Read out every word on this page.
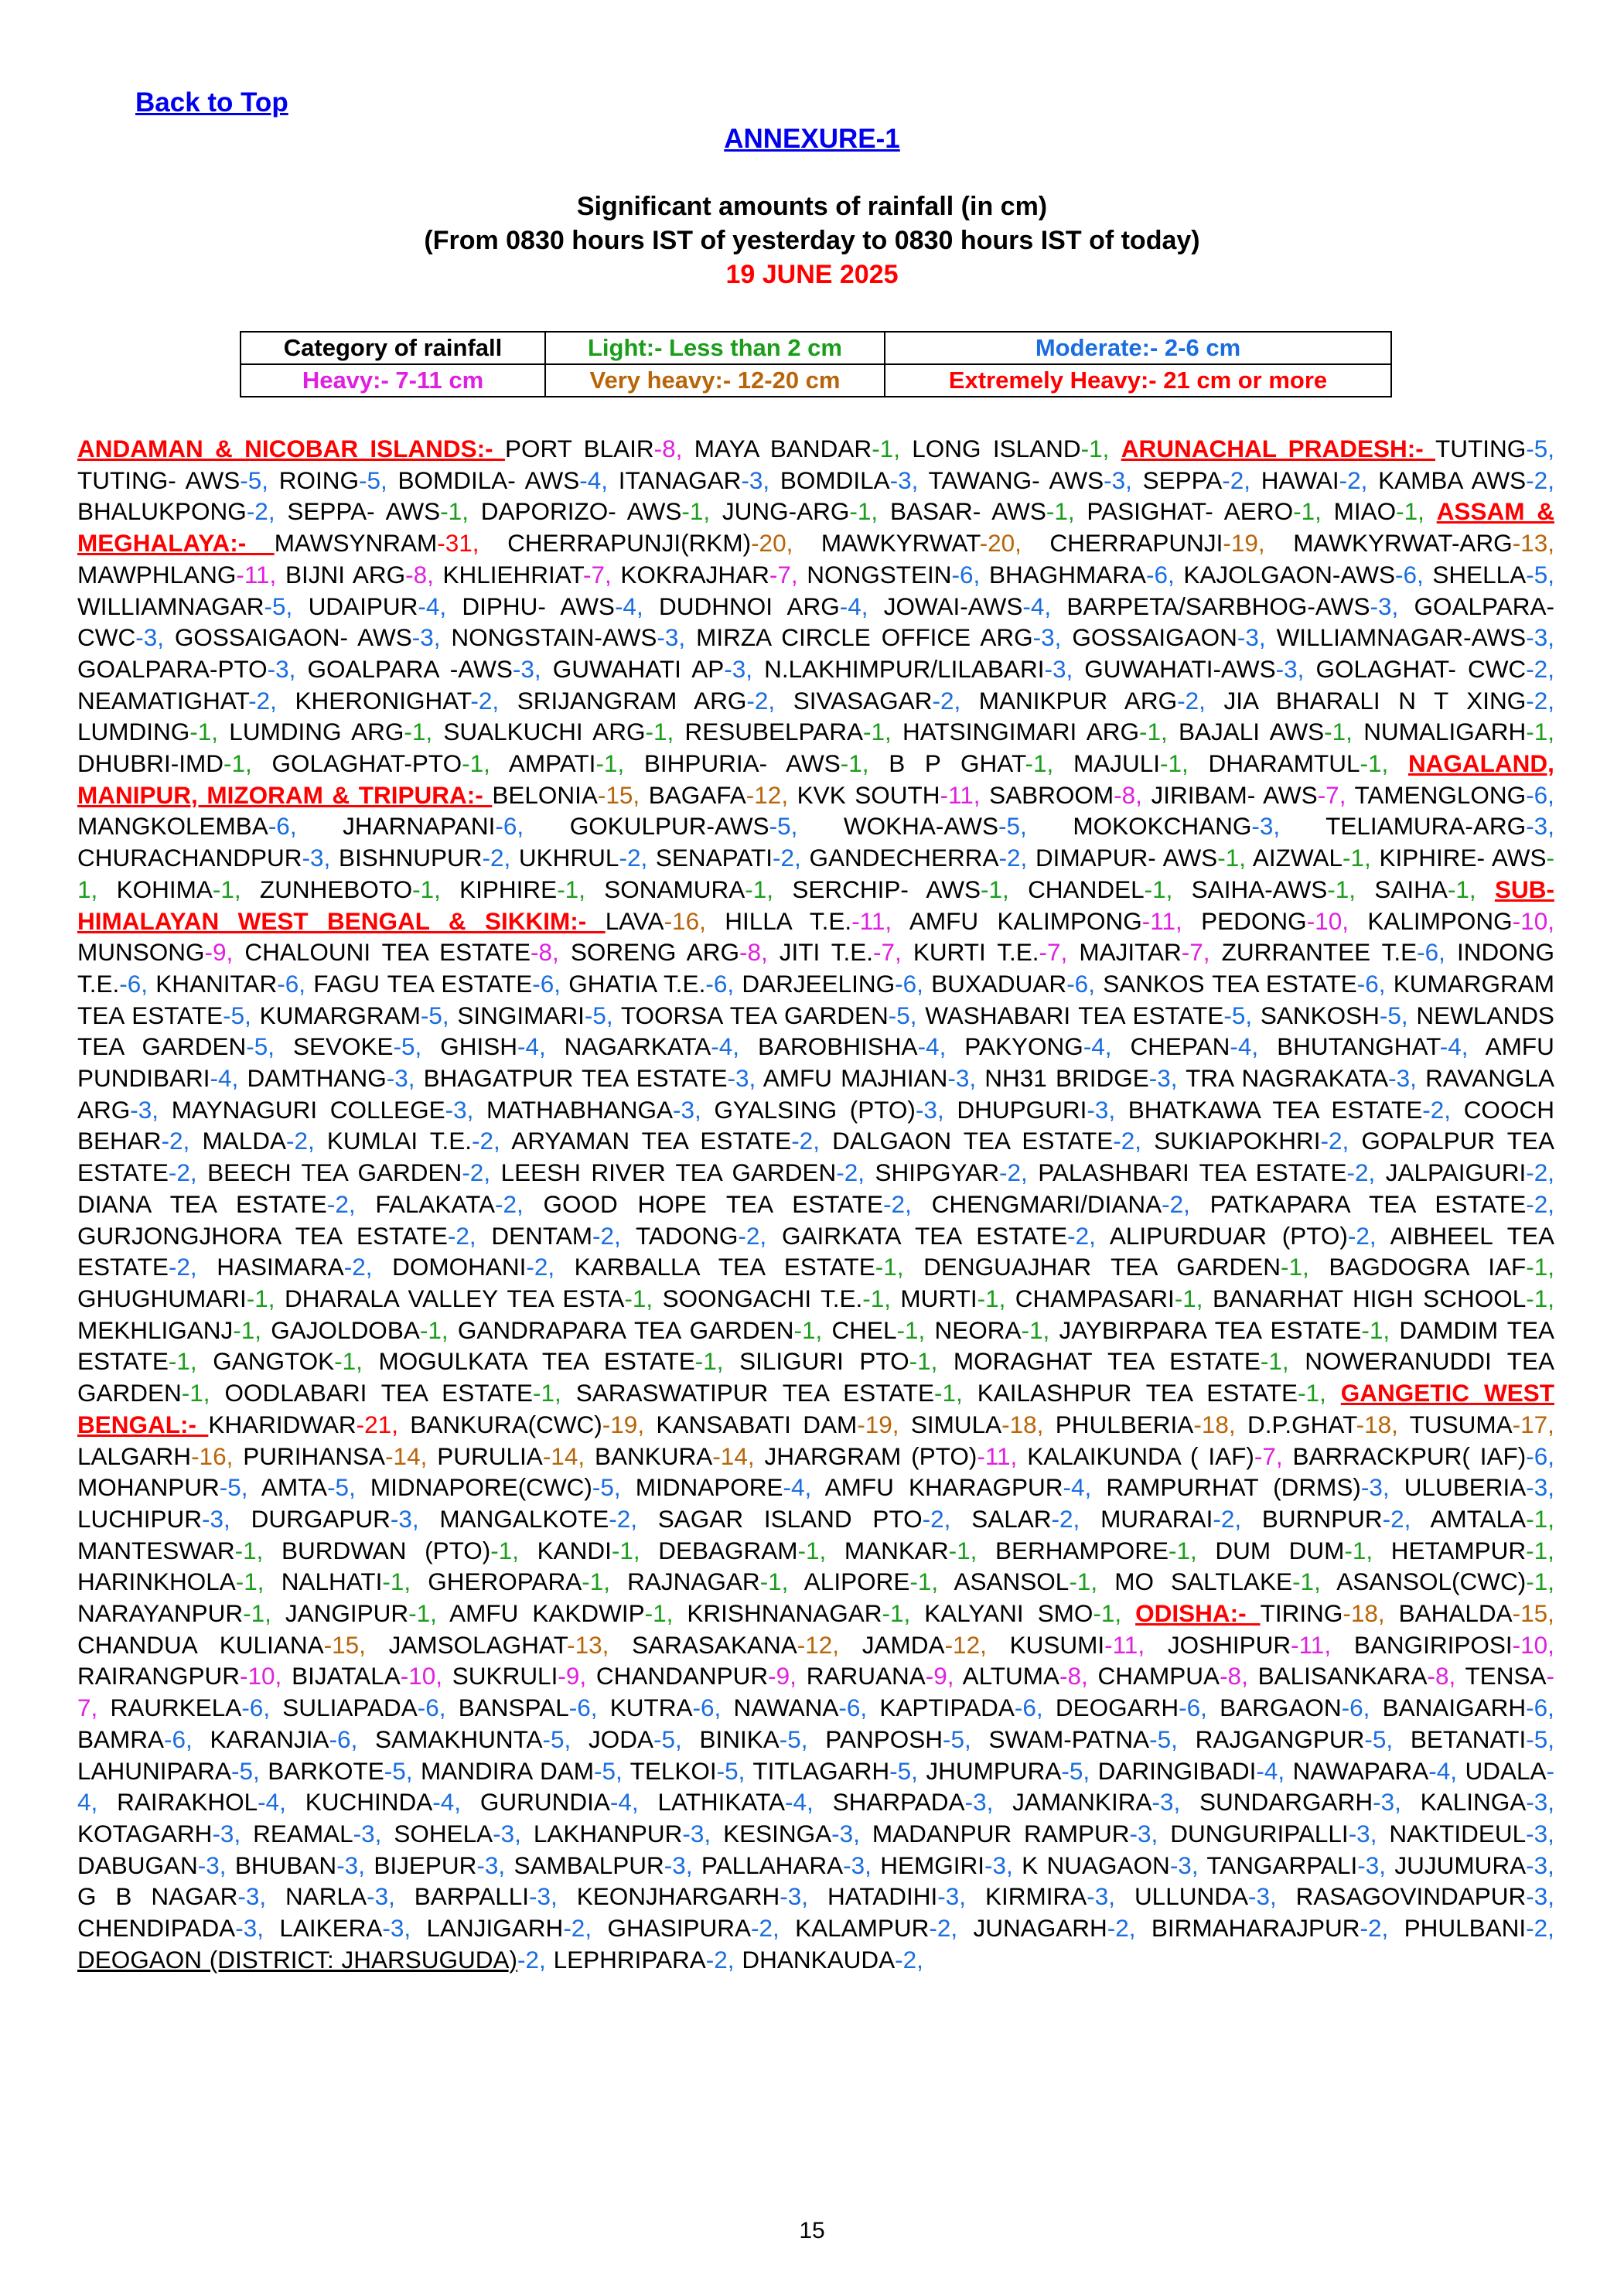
Back to Top
ANNEXURE-1
Significant amounts of rainfall (in cm)
(From 0830 hours IST of yesterday to 0830 hours IST of today)
19 JUNE 2025
Category of rainfall	Light:- Less than 2 cm	Moderate:- 2-6 cm
Heavy:- 7-11 cm	Very heavy:- 12-20 cm	Extremely Heavy:- 21 cm or more
ANDAMAN & NICOBAR ISLANDS:- PORT BLAIR-8, MAYA BANDAR-1, LONG ISLAND-1, ARUNACHAL PRADESH:- TUTING-5, TUTING- AWS-5, ROING-5, BOMDILA- AWS-4, ITANAGAR-3, BOMDILA-3, TAWANG- AWS-3, SEPPA-2, HAWAI-2, KAMBA AWS-2, BHALUKPONG-2, SEPPA- AWS-1, DAPORIZO- AWS-1, JUNG-ARG-1, BASAR- AWS-1, PASIGHAT- AERO-1, MIAO-1, ASSAM & MEGHALAYA:- MAWSYNRAM-31, CHERRAPUNJI(RKM)-20, MAWKYRWAT-20, CHERRAPUNJI-19, MAWKYRWAT-ARG-13, MAWPHLANG-11, BIJNI ARG-8, KHLIEHRIAT-7, KOKRAJHAR-7, NONGSTEIN-6, BHAGHMARA-6, KAJOLGAON-AWS-6, SHELLA-5, WILLIAMNAGAR-5, UDAIPUR-4, DIPHU- AWS-4, DUDHNOI ARG-4, JOWAI-AWS-4, BARPETA/SARBHOG-AWS-3, GOALPARA-CWC-3, GOSSAIGAON- AWS-3, NONGSTAIN-AWS-3, MIRZA CIRCLE OFFICE ARG-3, GOSSAIGAON-3, WILLIAMNAGAR-AWS-3, GOALPARA-PTO-3, GOALPARA -AWS-3, GUWAHATI AP-3, N.LAKHIMPUR/LILABARI-3, GUWAHATI-AWS-3, GOLAGHAT- CWC-2, NEAMATIGHAT-2, KHERONIGHAT-2, SRIJANGRAM ARG-2, SIVASAGAR-2, MANIKPUR ARG-2, JIA BHARALI N T XING-2, LUMDING-1, LUMDING ARG-1, SUALKUCHI ARG-1, RESUBELPARA-1, HATSINGIMARI ARG-1, BAJALI AWS-1, NUMALIGARH-1, DHUBRI-IMD-1, GOLAGHAT-PTO-1, AMPATI-1, BIHPURIA- AWS-1, B P GHAT-1, MAJULI-1, DHARAMTUL-1, NAGALAND, MANIPUR, MIZORAM & TRIPURA:- BELONIA-15, BAGAFA-12, KVK SOUTH-11, SABROOM-8, JIRIBAM- AWS-7, TAMENGLONG-6, MANGKOLEMBA-6, JHARNAPANI-6, GOKULPUR-AWS-5, WOKHA-AWS-5, MOKOKCHANG-3, TELIAMURA-ARG-3, CHURACHANDPUR-3, BISHNUPUR-2, UKHRUL-2, SENAPATI-2, GANDECHERRA-2, DIMAPUR- AWS-1, AIZWAL-1, KIPHIRE- AWS-1, KOHIMA-1, ZUNHEBOTO-1, KIPHIRE-1, SONAMURA-1, SERCHIP- AWS-1, CHANDEL-1, SAIHA-AWS-1, SAIHA-1, SUB-HIMALAYAN WEST BENGAL & SIKKIM:- LAVA-16, HILLA T.E.-11, AMFU KALIMPONG-11, PEDONG-10, KALIMPONG-10, MUNSONG-9, CHALOUNI TEA ESTATE-8, SORENG ARG-8, JITI T.E.-7, KURTI T.E.-7, MAJITAR-7, ZURRANTEE T.E-6, INDONG T.E.-6, KHANITAR-6, FAGU TEA ESTATE-6, GHATIA T.E.-6, DARJEELING-6, BUXADUAR-6, SANKOS TEA ESTATE-6, KUMARGRAM TEA ESTATE-5, KUMARGRAM-5, SINGIMARI-5, TOORSA TEA GARDEN-5, WASHABARI TEA ESTATE-5, SANKOSH-5, NEWLANDS TEA GARDEN-5, SEVOKE-5, GHISH-4, NAGARKATA-4, BAROBHISHA-4, PAKYONG-4, CHEPAN-4, BHUTANGHAT-4, AMFU PUNDIBARI-4, DAMTHANG-3, BHAGATPUR TEA ESTATE-3, AMFU MAJHIAN-3, NH31 BRIDGE-3, TRA NAGRAKATA-3, RAVANGLA ARG-3, MAYNAGURI COLLEGE-3, MATHABHANGA-3, GYALSING (PTO)-3, DHUPGURI-3, BHATKAWA TEA ESTATE-2, COOCH BEHAR-2, MALDA-2, KUMLAI T.E.-2, ARYAMAN TEA ESTATE-2, DALGAON TEA ESTATE-2, SUKIAPOKHRI-2, GOPALPUR TEA ESTATE-2, BEECH TEA GARDEN-2, LEESH RIVER TEA GARDEN-2, SHIPGYAR-2, PALASHBARI TEA ESTATE-2, JALPAIGURI-2, DIANA TEA ESTATE-2, FALAKATA-2, GOOD HOPE TEA ESTATE-2, CHENGMARI/DIANA-2, PATKAPARA TEA ESTATE-2, GURJONGJHORA TEA ESTATE-2, DENTAM-2, TADONG-2, GAIRKATA TEA ESTATE-2, ALIPURDUAR (PTO)-2, AIBHEEL TEA ESTATE-2, HASIMARA-2, DOMOHANI-2, KARBALLA TEA ESTATE-1, DENGUAJHAR TEA GARDEN-1, BAGDOGRA IAF-1, GHUGHUMARI-1, DHARALA VALLEY TEA ESTA-1, SOONGACHI T.E.-1, MURTI-1, CHAMPASARI-1, BANARHAT HIGH SCHOOL-1, MEKHLIGANJ-1, GAJOLDOBA-1, GANDRAPARA TEA GARDEN-1, CHEL-1, NEORA-1, JAYBIRPARA TEA ESTATE-1, DAMDIM TEA ESTATE-1, GANGTOK-1, MOGULKATA TEA ESTATE-1, SILIGURI PTO-1, MORAGHAT TEA ESTATE-1, NOWERANUDDI TEA GARDEN-1, OODLABARI TEA ESTATE-1, SARASWATIPUR TEA ESTATE-1, KAILASHPUR TEA ESTATE-1, GANGETIC WEST BENGAL:- KHARIDWAR-21, BANKURA(CWC)-19, KANSABATI DAM-19, SIMULA-18, PHULBERIA-18, D.P.GHAT-18, TUSUMA-17, LALGARH-16, PURIHANSA-14, PURULIA-14, BANKURA-14, JHARGRAM (PTO)-11, KALAIKUNDA ( IAF)-7, BARRACKPUR( IAF)-6, MOHANPUR-5, AMTA-5, MIDNAPORE(CWC)-5, MIDNAPORE-4, AMFU KHARAGPUR-4, RAMPURHAT (DRMS)-3, ULUBERIA-3, LUCHIPUR-3, DURGAPUR-3, MANGALKOTE-2, SAGAR ISLAND PTO-2, SALAR-2, MURARAI-2, BURNPUR-2, AMTALA-1, MANTESWAR-1, BURDWAN (PTO)-1, KANDI-1, DEBAGRAM-1, MANKAR-1, BERHAMPORE-1, DUM DUM-1, HETAMPUR-1, HARINKHOLA-1, NALHATI-1, GHEROPARA-1, RAJNAGAR-1, ALIPORE-1, ASANSOL-1, MO SALTLAKE-1, ASANSOL(CWC)-1, NARAYANPUR-1, JANGIPUR-1, AMFU KAKDWIP-1, KRISHNANAGAR-1, KALYANI SMO-1, ODISHA:- TIRING-18, BAHALDA-15, CHANDUA KULIANA-15, JAMSOLAGHAT-13, SARASAKANA-12, JAMDA-12, KUSUMI-11, JOSHIPUR-11, BANGIRIPOSI-10, RAIRANGPUR-10, BIJATALA-10, SUKRULI-9, CHANDANPUR-9, RARUANA-9, ALTUMA-8, CHAMPUA-8, BALISANKARA-8, TENSA-7, RAURKELA-6, SULIAPADA-6, BANSPAL-6, KUTRA-6, NAWANA-6, KAPTIPADA-6, DEOGARH-6, BARGAON-6, BANAIGARH-6, BAMRA-6, KARANJIA-6, SAMAKHUNTA-5, JODA-5, BINIKA-5, PANPOSH-5, SWAM-PATNA-5, RAJGANGPUR-5, BETANATI-5, LAHUNIPARA-5, BARKOTE-5, MANDIRA DAM-5, TELKOI-5, TITLAGARH-5, JHUMPURA-5, DARINGIBADI-4, NAWAPARA-4, UDALA-4, RAIRAKHOL-4, KUCHINDA-4, GURUNDIA-4, LATHIKATA-4, SHARPADA-3, JAMANKIRA-3, SUNDARGARH-3, KALINGA-3, KOTAGARH-3, REAMAL-3, SOHELA-3, LAKHANPUR-3, KESINGA-3, MADANPUR RAMPUR-3, DUNGURIPALLI-3, NAKTIDEUL-3, DABUGAN-3, BHUBAN-3, BIJEPUR-3, SAMBALPUR-3, PALLAHARA-3, HEMGIRI-3, K NUAGAON-3, TANGARPALI-3, JUJUMURA-3, G B NAGAR-3, NARLA-3, BARPALLI-3, KEONJHARGARH-3, HATADIHI-3, KIRMIRA-3, ULLUNDA-3, RASAGOVINDAPUR-3, CHENDIPADA-3, LAIKERA-3, LANJIGARH-2, GHASIPURA-2, KALAMPUR-2, JUNAGARH-2, BIRMAHARAJPUR-2, PHULBANI-2, DEOGAON (DISTRICT: JHARSUGUDA)-2, LEPHRIPARA-2, DHANKAUDA-2,
15
